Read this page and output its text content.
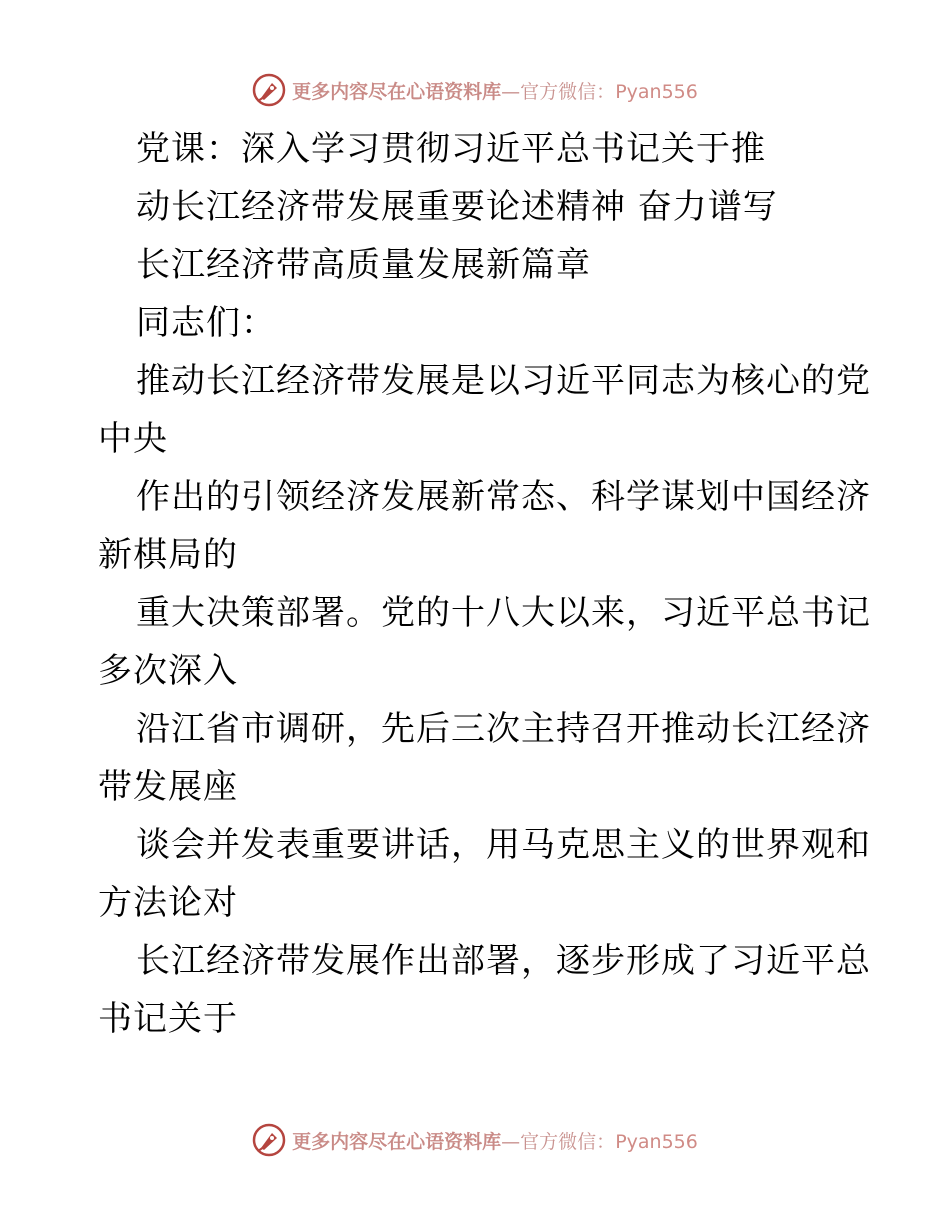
更多内容尽在心语资料库—官方微信：Pyan556
党课：深入学习贯彻习近平总书记关于推
动长江经济带发展重要论述精神 奋力谱写
长江经济带高质量发展新篇章
同志们：
推动长江经济带发展是以习近平同志为核心的党
中央
作出的引领经济发展新常态、科学谋划中国经济
新棋局的
重大决策部署。党的十八大以来，习近平总书记
多次深入
沿江省市调研，先后三次主持召开推动长江经济
带发展座
谈会并发表重要讲话，用马克思主义的世界观和
方法论对
长江经济带发展作出部署，逐步形成了习近平总
书记关于
更多内容尽在心语资料库—官方微信：Pyan556
